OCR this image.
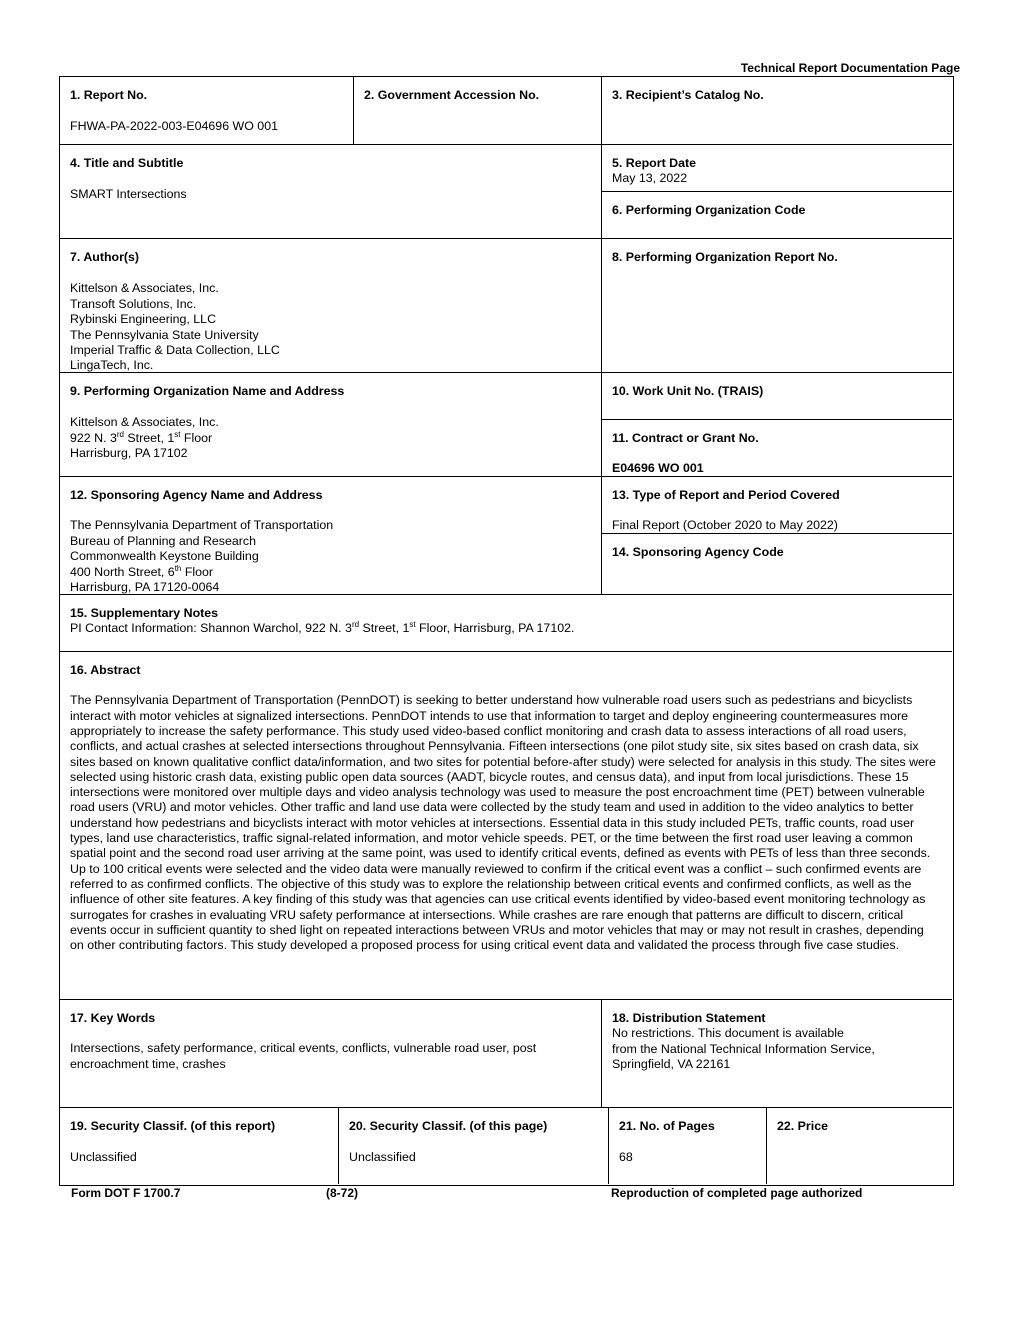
Technical Report Documentation Page
1. Report No.
FHWA-PA-2022-003-E04696 WO 001
2. Government Accession No.	3. Recipient’s Catalog No.
4. Title and Subtitle
SMART Intersections
5. Report Date
May 13, 2022
6. Performing Organization Code
7. Author(s)
Kittelson & Associates, Inc.
Transoft Solutions, Inc.
Rybinski Engineering, LLC
The Pennsylvania State University
Imperial Traffic & Data Collection, LLC
LingaTech, Inc.
8. Performing Organization Report No.
9. Performing Organization Name and Address
Kittelson & Associates, Inc.
922 N. 3rd Street, 1st Floor
Harrisburg, PA 17102
10. Work Unit No. (TRAIS)
11. Contract or Grant No.
E04696 WO 001
12. Sponsoring Agency Name and Address
The Pennsylvania Department of Transportation
Bureau of Planning and Research
Commonwealth Keystone Building
400 North Street, 6th Floor
Harrisburg, PA 17120-0064
13. Type of Report and Period Covered
Final Report (October 2020 to May 2022)
14. Sponsoring Agency Code
15. Supplementary Notes
PI Contact Information: Shannon Warchol, 922 N. 3rd Street, 1st Floor, Harrisburg, PA 17102.
16. Abstract
The Pennsylvania Department of Transportation (PennDOT) is seeking to better understand how vulnerable road users such as pedestrians and bicyclists interact with motor vehicles at signalized intersections. PennDOT intends to use that information to target and deploy engineering countermeasures more appropriately to increase the safety performance. This study used video-based conflict monitoring and crash data to assess interactions of all road users, conflicts, and actual crashes at selected intersections throughout Pennsylvania. Fifteen intersections (one pilot study site, six sites based on crash data, six sites based on known qualitative conflict data/information, and two sites for potential before-after study) were selected for analysis in this study. The sites were selected using historic crash data, existing public open data sources (AADT, bicycle routes, and census data), and input from local jurisdictions. These 15 intersections were monitored over multiple days and video analysis technology was used to measure the post encroachment time (PET) between vulnerable road users (VRU) and motor vehicles. Other traffic and land use data were collected by the study team and used in addition to the video analytics to better understand how pedestrians and bicyclists interact with motor vehicles at intersections. Essential data in this study included PETs, traffic counts, road user types, land use characteristics, traffic signal-related information, and motor vehicle speeds. PET, or the time between the first road user leaving a common spatial point and the second road user arriving at the same point, was used to identify critical events, defined as events with PETs of less than three seconds. Up to 100 critical events were selected and the video data were manually reviewed to confirm if the critical event was a conflict – such confirmed events are referred to as confirmed conflicts. The objective of this study was to explore the relationship between critical events and confirmed conflicts, as well as the influence of other site features. A key finding of this study was that agencies can use critical events identified by video-based event monitoring technology as surrogates for crashes in evaluating VRU safety performance at intersections. While crashes are rare enough that patterns are difficult to discern, critical events occur in sufficient quantity to shed light on repeated interactions between VRUs and motor vehicles that may or may not result in crashes, depending on other contributing factors. This study developed a proposed process for using critical event data and validated the process through five case studies.
17. Key Words
Intersections, safety performance, critical events, conflicts, vulnerable road user, post encroachment time, crashes
18. Distribution Statement
No restrictions. This document is available
from the National Technical Information Service,
Springfield, VA 22161
19. Security Classif. (of this report)
Unclassified
20. Security Classif. (of this page)
Unclassified
21. No. of Pages
68
22. Price
Form DOT F 1700.7	(8-72)	Reproduction of completed page authorized
